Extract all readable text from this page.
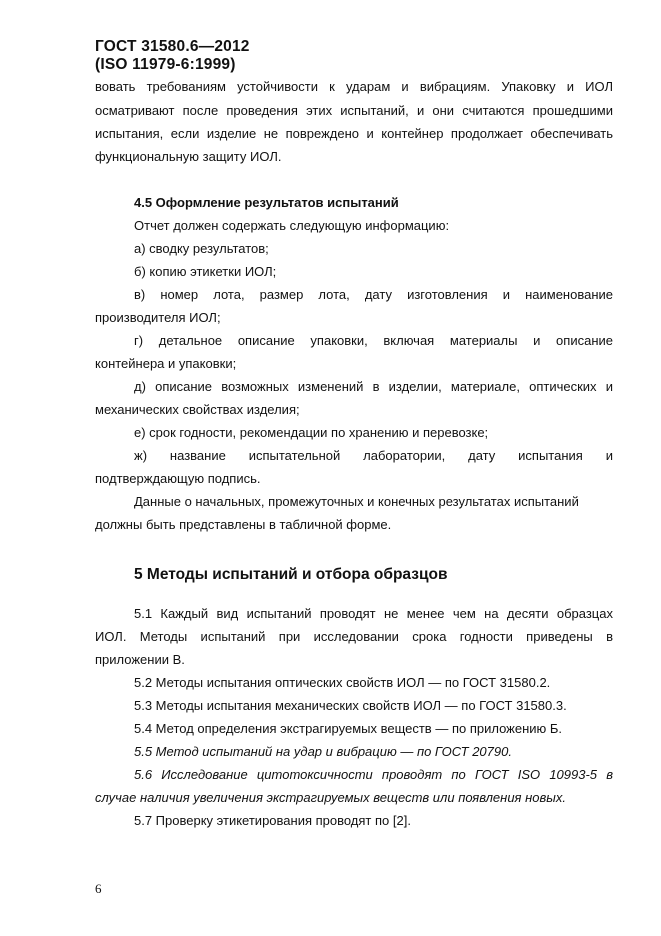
ГОСТ 31580.6—2012
(ISO 11979-6:1999)
вовать требованиям устойчивости к ударам и вибрациям. Упаковку и ИОЛ
осматривают после проведения этих испытаний, и они считаются прошедшими
испытания, если изделие не повреждено и контейнер продолжает обеспечивать
функциональную защиту ИОЛ.
4.5 Оформление результатов испытаний
Отчет должен содержать следующую информацию:
а) сводку результатов;
б) копию этикетки ИОЛ;
в) номер лота, размер лота, дату изготовления и наименование
производителя ИОЛ;
г) детальное описание упаковки, включая материалы и описание
контейнера и упаковки;
д) описание возможных изменений в изделии, материале, оптических и
механических свойствах изделия;
е) срок годности, рекомендации по хранению и перевозке;
ж) название испытательной лаборатории, дату испытания и
подтверждающую подпись.
Данные о начальных, промежуточных и конечных результатах испытаний
должны быть представлены в табличной форме.
5 Методы испытаний и отбора образцов
5.1 Каждый вид испытаний проводят не менее чем на десяти образцах
ИОЛ. Методы испытаний при исследовании срока годности приведены в
приложении В.
5.2 Методы испытания оптических свойств ИОЛ — по ГОСТ 31580.2.
5.3 Методы испытания механических свойств ИОЛ — по ГОСТ 31580.3.
5.4 Метод определения экстрагируемых веществ — по приложению Б.
5.5 Метод испытаний на удар и вибрацию — по ГОСТ 20790.
5.6 Исследование цитотоксичности проводят по ГОСТ ISO 10993-5 в
случае наличия увеличения экстрагируемых веществ или появления новых.
5.7 Проверку этикетирования проводят по [2].
6
